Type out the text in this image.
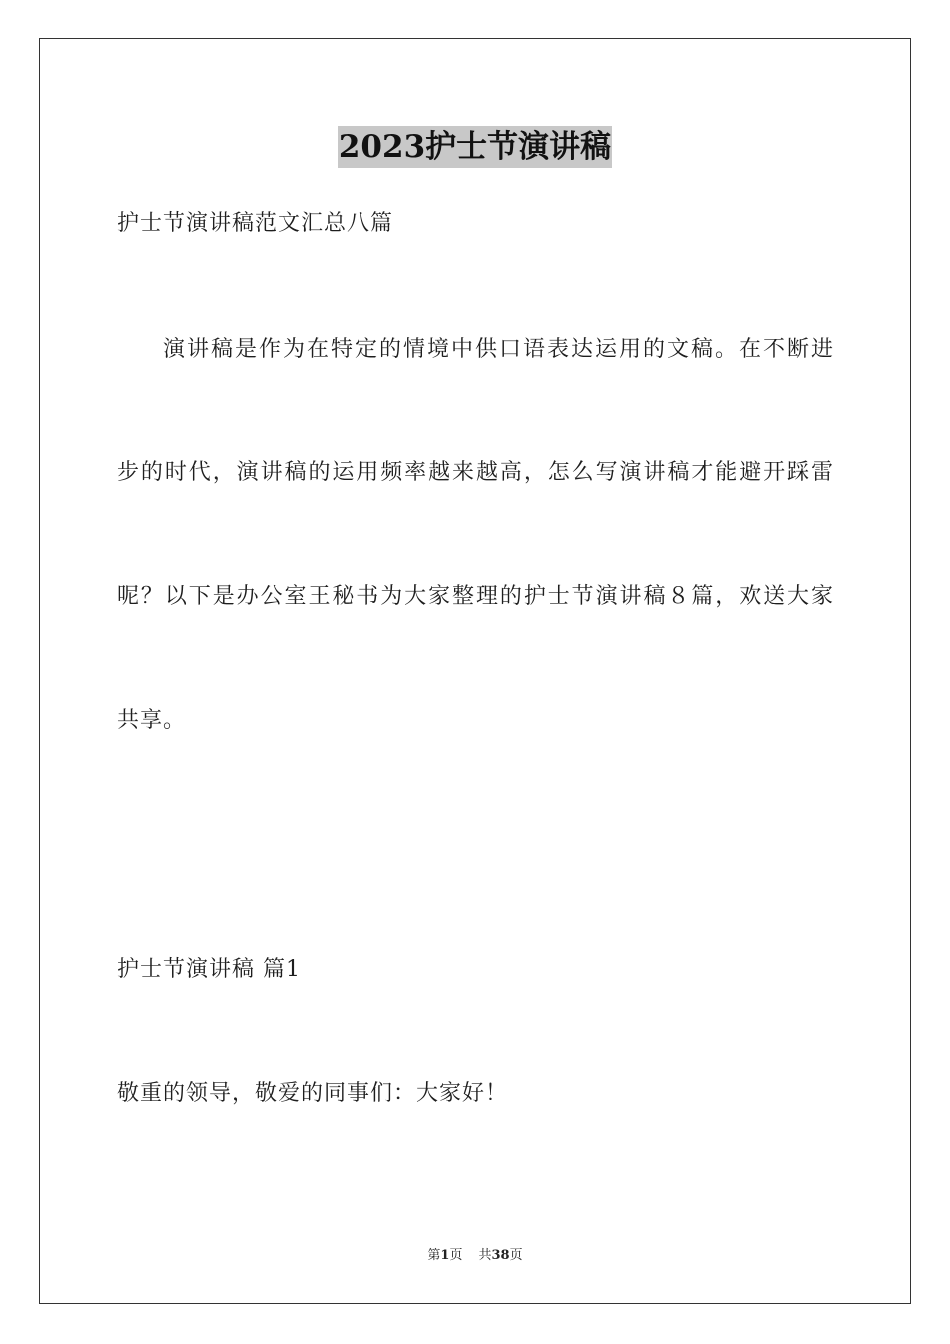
2023护士节演讲稿
护士节演讲稿范文汇总八篇
演讲稿是作为在特定的情境中供口语表达运用的文稿。在不断进
步的时代，演讲稿的运用频率越来越高，怎么写演讲稿才能避开踩雷
呢？以下是办公室王秘书为大家整理的护士节演讲稿８篇，欢送大家
共享。
护士节演讲稿 篇1
敬重的领导，敬爱的同事们：大家好！
第1页 共38页
